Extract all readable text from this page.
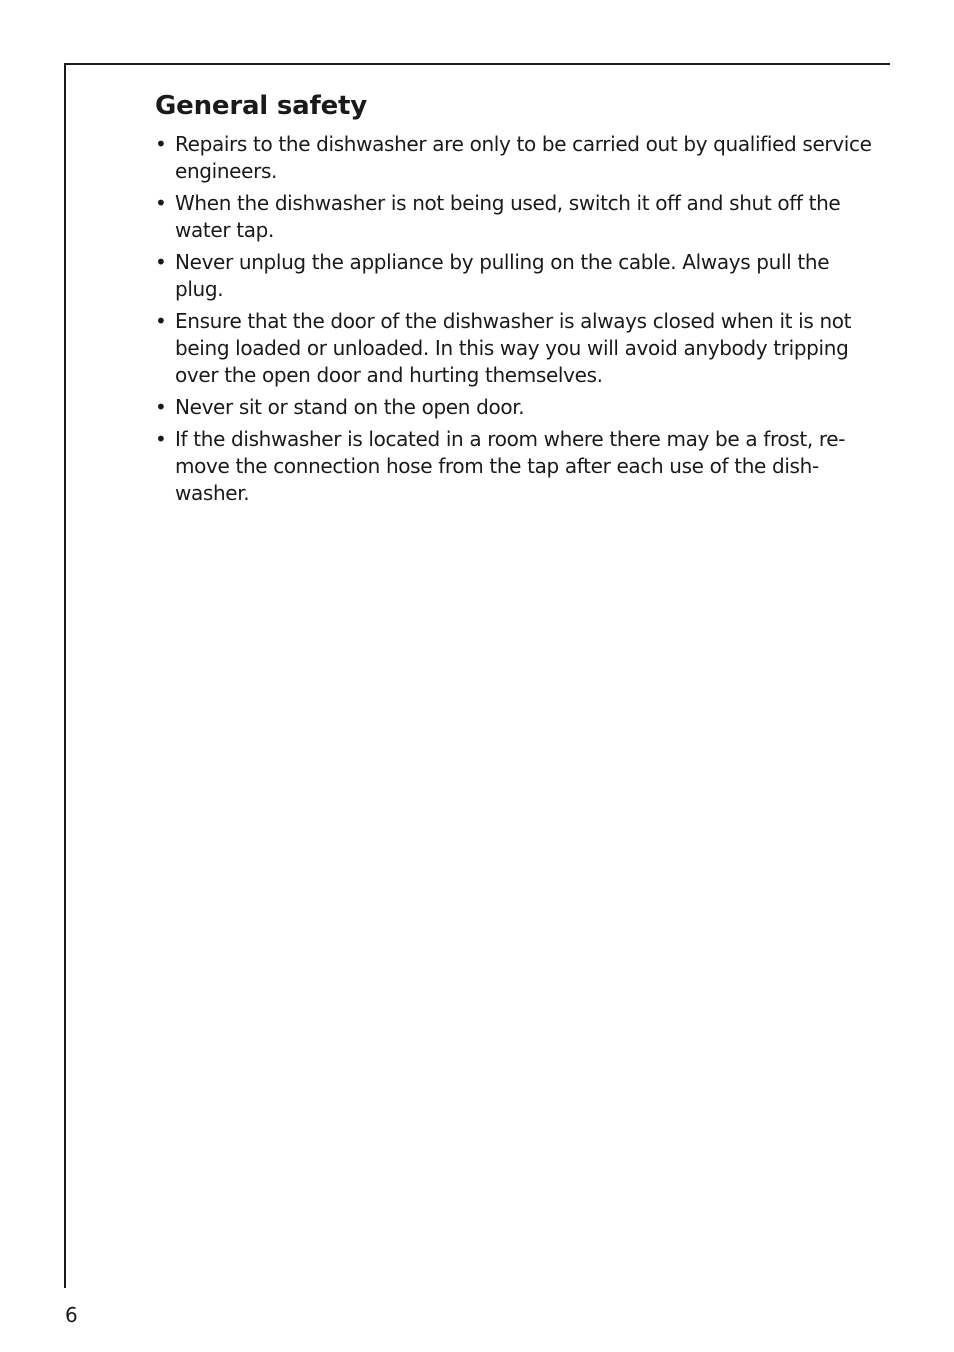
General safety
• Repairs to the dishwasher are only to be carried out by qualified service engineers.
• When the dishwasher is not being used, switch it off and shut off the water tap.
• Never unplug the appliance by pulling on the cable. Always pull the plug.
• Ensure that the door of the dishwasher is always closed when it is not being loaded or unloaded. In this way you will avoid anybody tripping over the open door and hurting themselves.
• Never sit or stand on the open door.
• If the dishwasher is located in a room where there may be a frost, remove the connection hose from the tap after each use of the dishwasher.
6
